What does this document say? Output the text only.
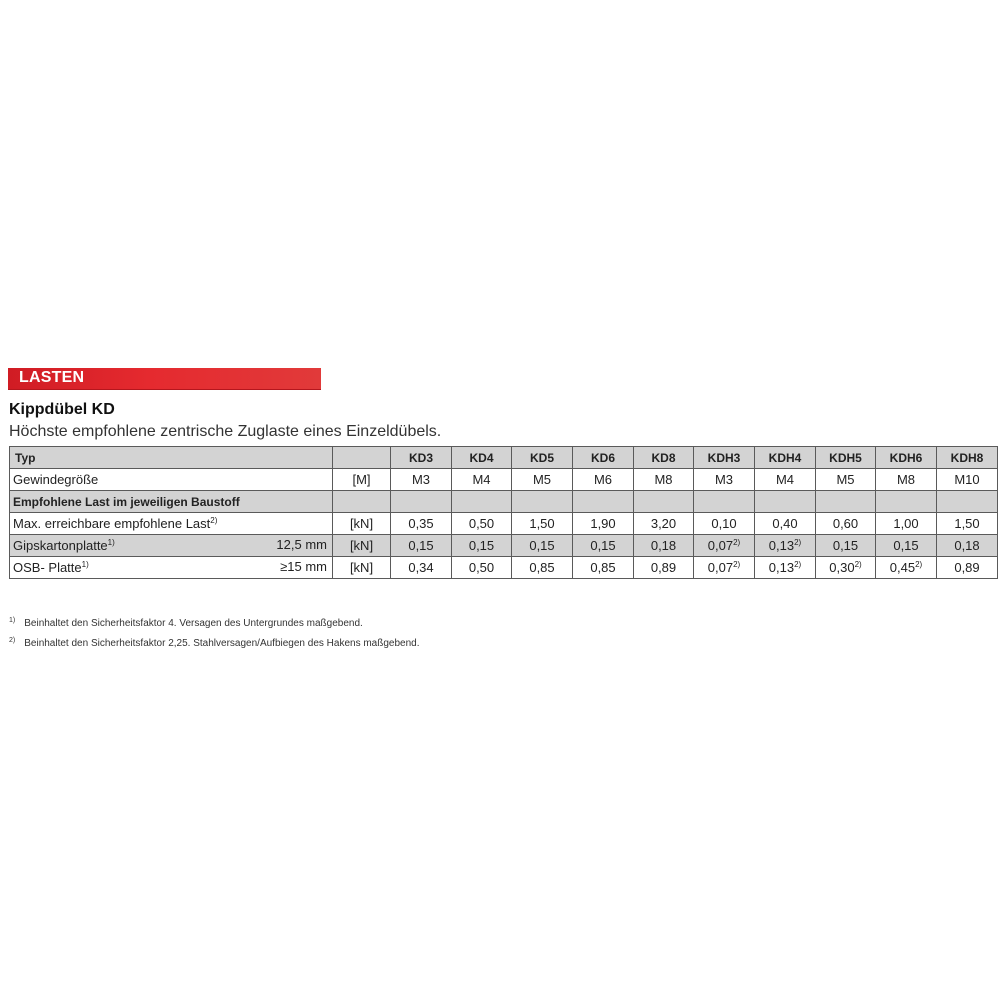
LASTEN
Kippdübel KD
Höchste empfohlene zentrische Zuglaste eines Einzeldübels.
Typ		KD3	KD4	KD5	KD6	KD8	KDH3	KDH4	KDH5	KDH6	KDH8
Gewindegröße	[M]	M3	M4	M5	M6	M8	M3	M4	M5	M8	M10
Empfohlene Last im jeweiligen Baustoff											
Max. erreichbare empfohlene Last$^{2)}$	[kN]	0,35	0,50	1,50	1,90	3,20	0,10	0,40	0,60	1,00	1,50
Gipskartonplatte$^{1)}$ 12,5 mm	[kN]	0,15	0,15	0,15	0,15	0,18	0,07$^{2)}$	0,13$^{2)}$	0,15	0,15	0,18
OSB- Platte$^{1)}$ ≥15 mm	[kN]	0,34	0,50	0,85	0,85	0,89	0,07$^{2)}$	0,13$^{2)}$	0,30$^{2)}$	0,45$^{2)}$	0,89
$^{1)}$ Beinhaltet den Sicherheitsfaktor 4. Versagen des Untergrundes maßgebend.
$^{2)}$ Beinhaltet den Sicherheitsfaktor 2,25. Stahlversagen/Aufbiegen des Hakens maßgebend.
